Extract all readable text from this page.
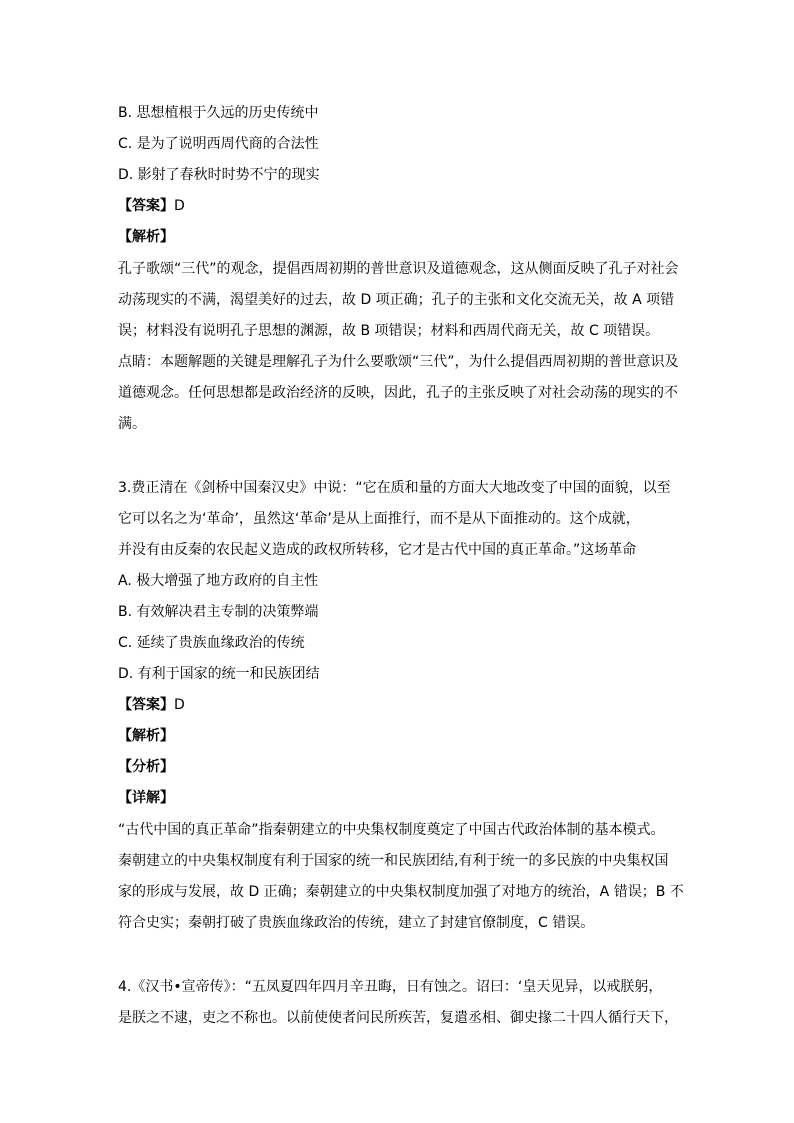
B. 思想植根于久远的历史传统中
C. 是为了说明西周代商的合法性
D. 影射了春秋时时势不宁的现实
【答案】D
【解析】
孔子歌颂“三代”的观念，提倡西周初期的普世意识及道德观念，这从侧面反映了孔子对社会
动荡现实的不满，渴望美好的过去，故 D 项正确；孔子的主张和文化交流无关，故 A 项错
误；材料没有说明孔子思想的渊源，故 B 项错误；材料和西周代商无关，故 C 项错误。
点睛：本题解题的关键是理解孔子为什么要歌颂“三代”，为什么提倡西周初期的普世意识及
道德观念。任何思想都是政治经济的反映，因此，孔子的主张反映了对社会动荡的现实的不
满。
3.费正清在《剑桥中国秦汉史》中说：“它在质和量的方面大大地改变了中国的面貌，以至
它可以名之为‘革命’，虽然这‘革命’是从上面推行，而不是从下面推动的。这个成就，
并没有由反秦的农民起义造成的政权所转移，它才是古代中国的真正革命。”这场革命
A. 极大增强了地方政府的自主性
B. 有效解决君主专制的决策弊端
C. 延续了贵族血缘政治的传统
D. 有利于国家的统一和民族团结
【答案】D
【解析】
【分析】
【详解】
“古代中国的真正革命”指秦朝建立的中央集权制度奠定了中国古代政治体制的基本模式。
秦朝建立的中央集权制度有利于国家的统一和民族团结,有利于统一的多民族的中央集权国
家的形成与发展，故 D 正确；秦朝建立的中央集权制度加强了对地方的统治，A 错误；B 不
符合史实；秦朝打破了贵族血缘政治的传统，建立了封建官僚制度，C 错误。
4.《汉书•宣帝传》：“五凤夏四年四月辛丑晦，日有蚀之。诏曰：‘皇天见异，以戒朕躬，
是朕之不逮，吏之不称也。以前使使者问民所疾苦，复遣丞相、御史掾二十四人循行天下，
